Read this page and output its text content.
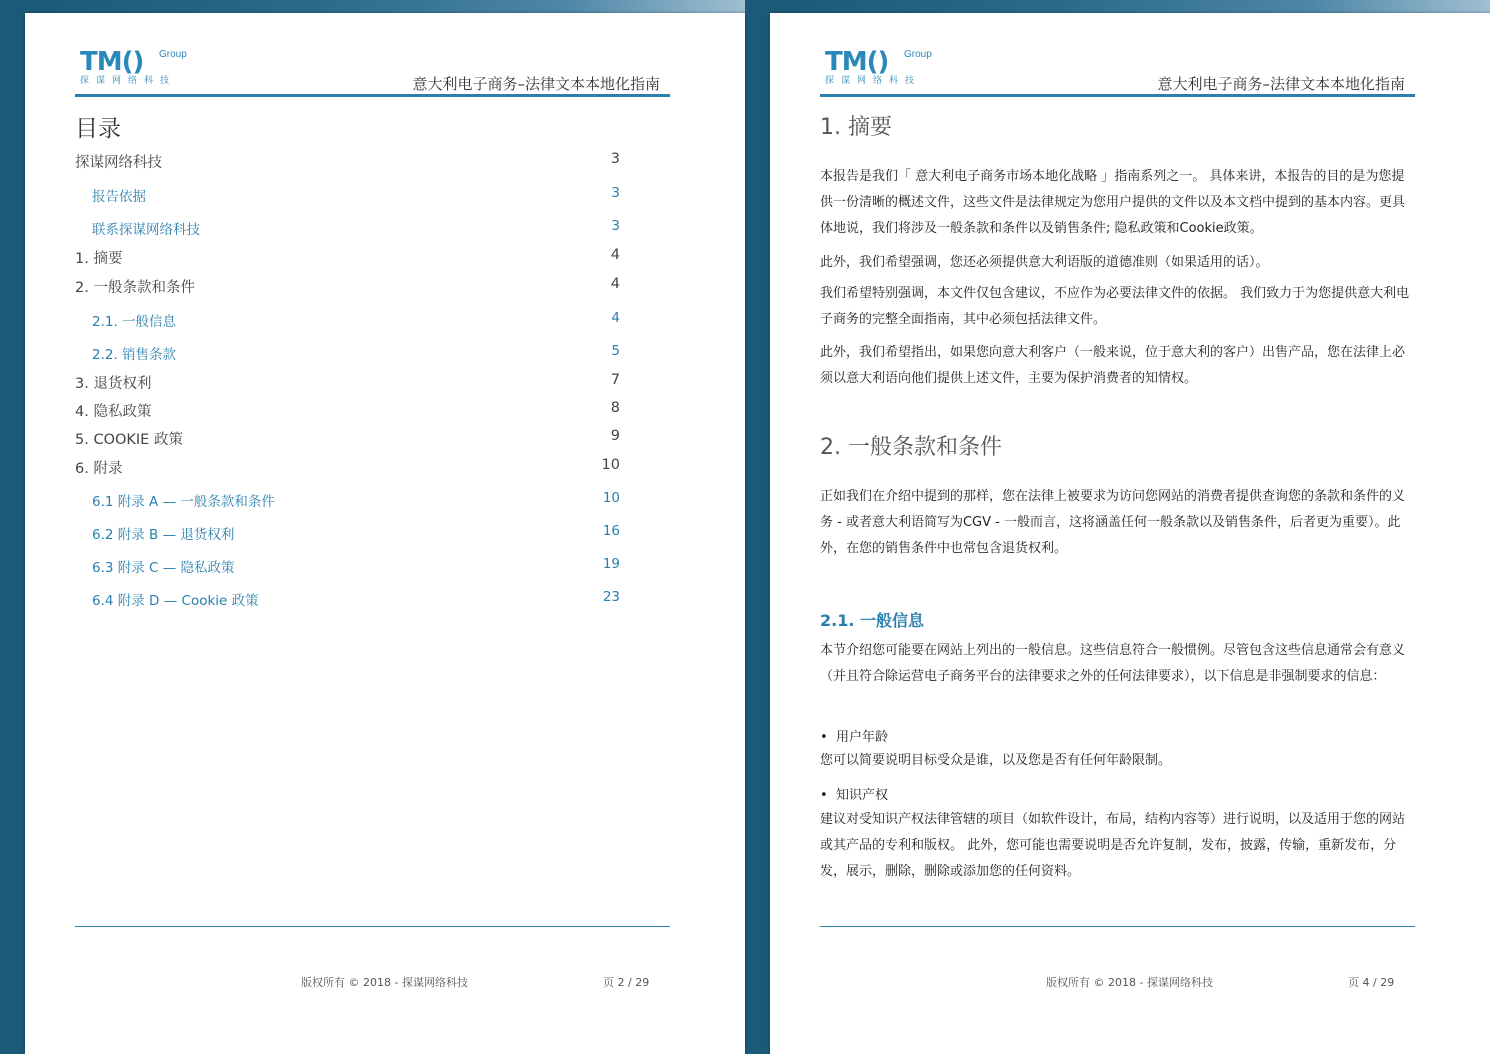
TM() Group
探谋网络科技	意大利电子商务–法律文本本地化指南
目录
探谋网络科技	3
报告依据	3
联系探谋网络科技	3
1. 摘要	4
2. 一般条款和条件	4
2.1. 一般信息	4
2.2. 销售条款	5
3. 退货权利	7
4. 隐私政策	8
5. COOKIE 政策	9
6. 附录	10
6.1 附录 A — 一般条款和条件	10
6.2 附录 B — 退货权利	16
6.3 附录 C — 隐私政策	19
6.4 附录 D — Cookie 政策	23
版权所有 © 2018 - 探谋网络科技	页 2 / 29
TM() Group
探谋网络科技	意大利电子商务–法律文本本地化指南
1. 摘要

本报告是我们「 意大利电子商务市场本地化战略 」指南系列之一。 具体来讲，本报告的目的是为您提供一份清晰的概述文件，这些文件是法律规定为您用户提供的文件以及本文档中提到的基本内容。更具体地说，我们将涉及一般条款和条件以及销售条件; 隐私政策和Cookie政策。

此外，我们希望强调，您还必须提供意大利语版的道德准则（如果适用的话）。

我们希望特别强调，本文件仅包含建议，不应作为必要法律文件的依据。 我们致力于为您提供意大利电子商务的完整全面指南，其中必须包括法律文件。

此外，我们希望指出，如果您向意大利客户（一般来说，位于意大利的客户）出售产品，您在法律上必须以意大利语向他们提供上述文件，主要为保护消费者的知情权。

2. 一般条款和条件

正如我们在介绍中提到的那样，您在法律上被要求为访问您网站的消费者提供查询您的条款和条件的义务 - 或者意大利语简写为CGV - 一般而言，这将涵盖任何一般条款以及销售条件，后者更为重要）。此外，在您的销售条件中也常包含退货权利。

2.1. 一般信息

本节介绍您可能要在网站上列出的一般信息。这些信息符合一般惯例。尽管包含这些信息通常会有意义（并且符合除运营电子商务平台的法律要求之外的任何法律要求），以下信息是非强制要求的信息：

• 用户年龄

您可以简要说明目标受众是谁，以及您是否有任何年龄限制。

• 知识产权

建议对受知识产权法律管辖的项目（如软件设计，布局，结构内容等）进行说明，以及适用于您的网站或其产品的专利和版权。 此外，您可能也需要说明是否允许复制，发布，披露，传输，重新发布，分发，展示，删除，删除或添加您的任何资料。

版权所有 © 2018 - 探谋网络科技	页 4 / 29
